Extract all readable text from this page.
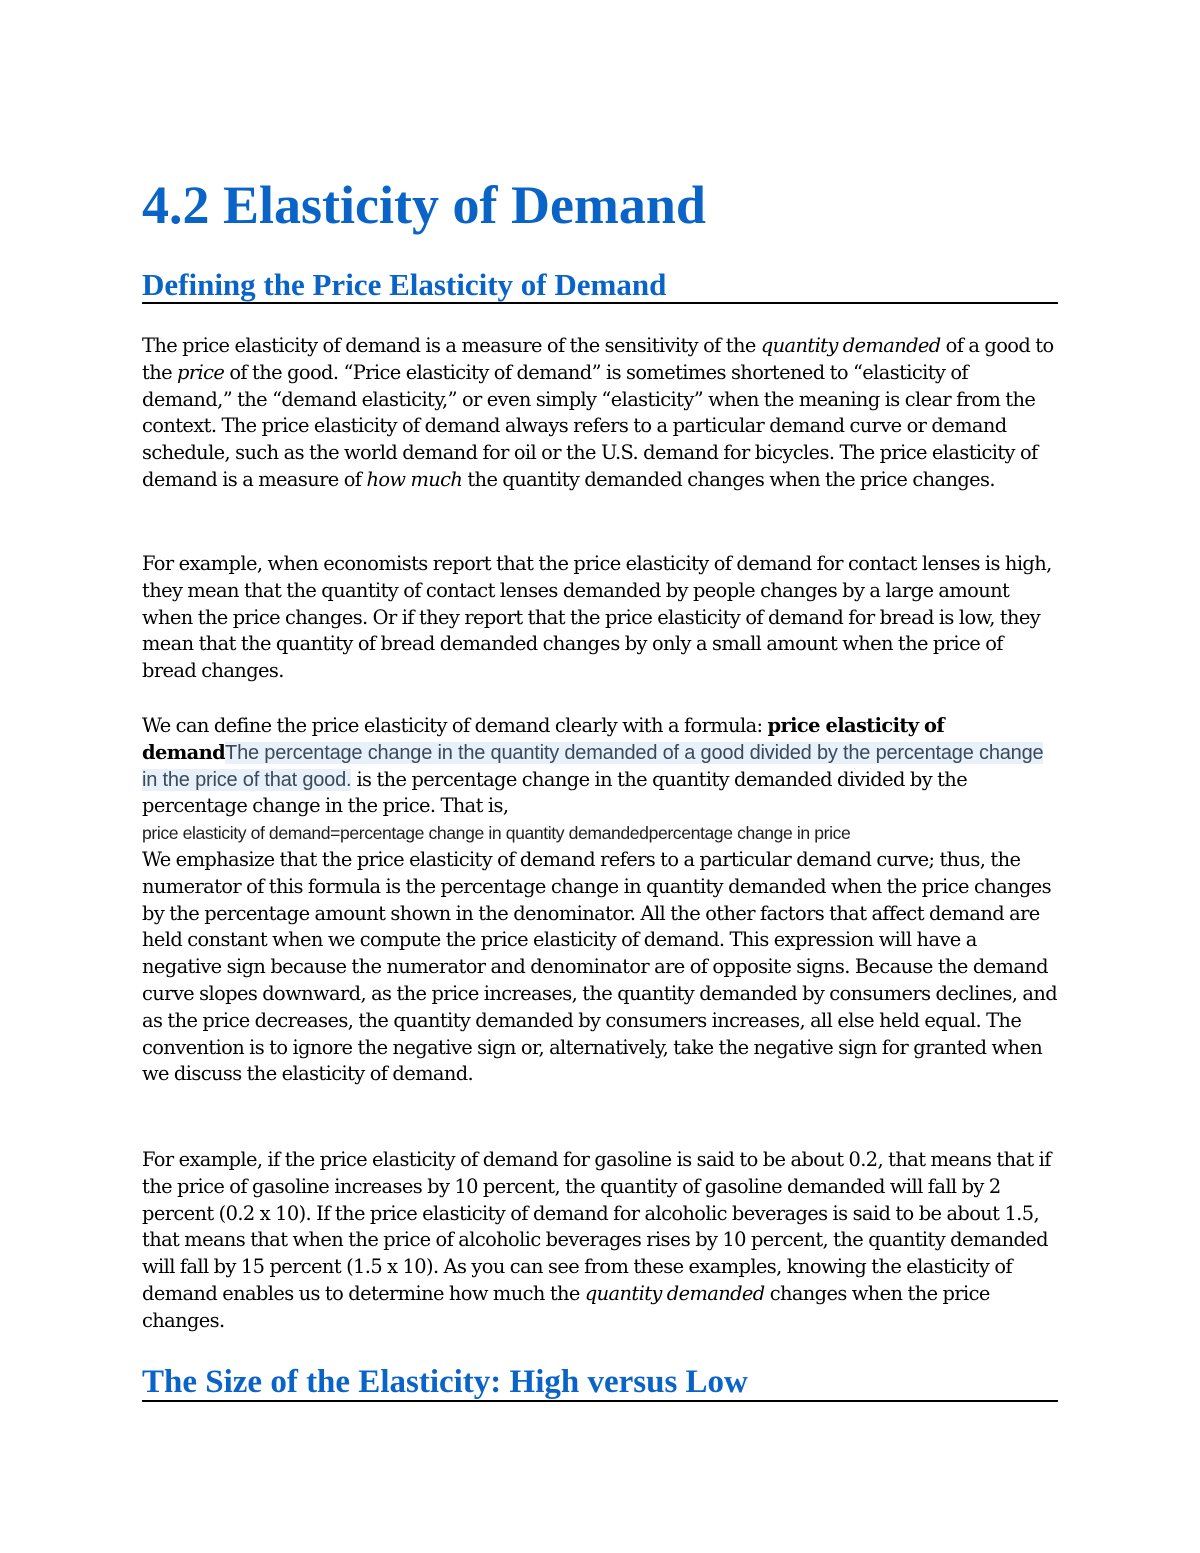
4.2 Elasticity of Demand
Defining the Price Elasticity of Demand

The price elasticity of demand is a measure of the sensitivity of the quantity demanded of a good to the price of the good. “Price elasticity of demand” is sometimes shortened to “elasticity of demand,” the “demand elasticity,” or even simply “elasticity” when the meaning is clear from the context. The price elasticity of demand always refers to a particular demand curve or demand schedule, such as the world demand for oil or the U.S. demand for bicycles. The price elasticity of demand is a measure of how much the quantity demanded changes when the price changes.

For example, when economists report that the price elasticity of demand for contact lenses is high, they mean that the quantity of contact lenses demanded by people changes by a large amount when the price changes. Or if they report that the price elasticity of demand for bread is low, they mean that the quantity of bread demanded changes by only a small amount when the price of bread changes.

We can define the price elasticity of demand clearly with a formula: price elasticity of demandThe percentage change in the quantity demanded of a good divided by the percentage change in the price of that good. is the percentage change in the quantity demanded divided by the percentage change in the price. That is,
price elasticity of demand=percentage change in quantity demandedpercentage change in price
We emphasize that the price elasticity of demand refers to a particular demand curve; thus, the numerator of this formula is the percentage change in quantity demanded when the price changes by the percentage amount shown in the denominator. All the other factors that affect demand are held constant when we compute the price elasticity of demand. This expression will have a negative sign because the numerator and denominator are of opposite signs. Because the demand curve slopes downward, as the price increases, the quantity demanded by consumers declines, and as the price decreases, the quantity demanded by consumers increases, all else held equal. The convention is to ignore the negative sign or, alternatively, take the negative sign for granted when we discuss the elasticity of demand.

For example, if the price elasticity of demand for gasoline is said to be about 0.2, that means that if the price of gasoline increases by 10 percent, the quantity of gasoline demanded will fall by 2 percent (0.2 x 10). If the price elasticity of demand for alcoholic beverages is said to be about 1.5, that means that when the price of alcoholic beverages rises by 10 percent, the quantity demanded will fall by 15 percent (1.5 x 10). As you can see from these examples, knowing the elasticity of demand enables us to determine how much the quantity demanded changes when the price changes.

The Size of the Elasticity: High versus Low
